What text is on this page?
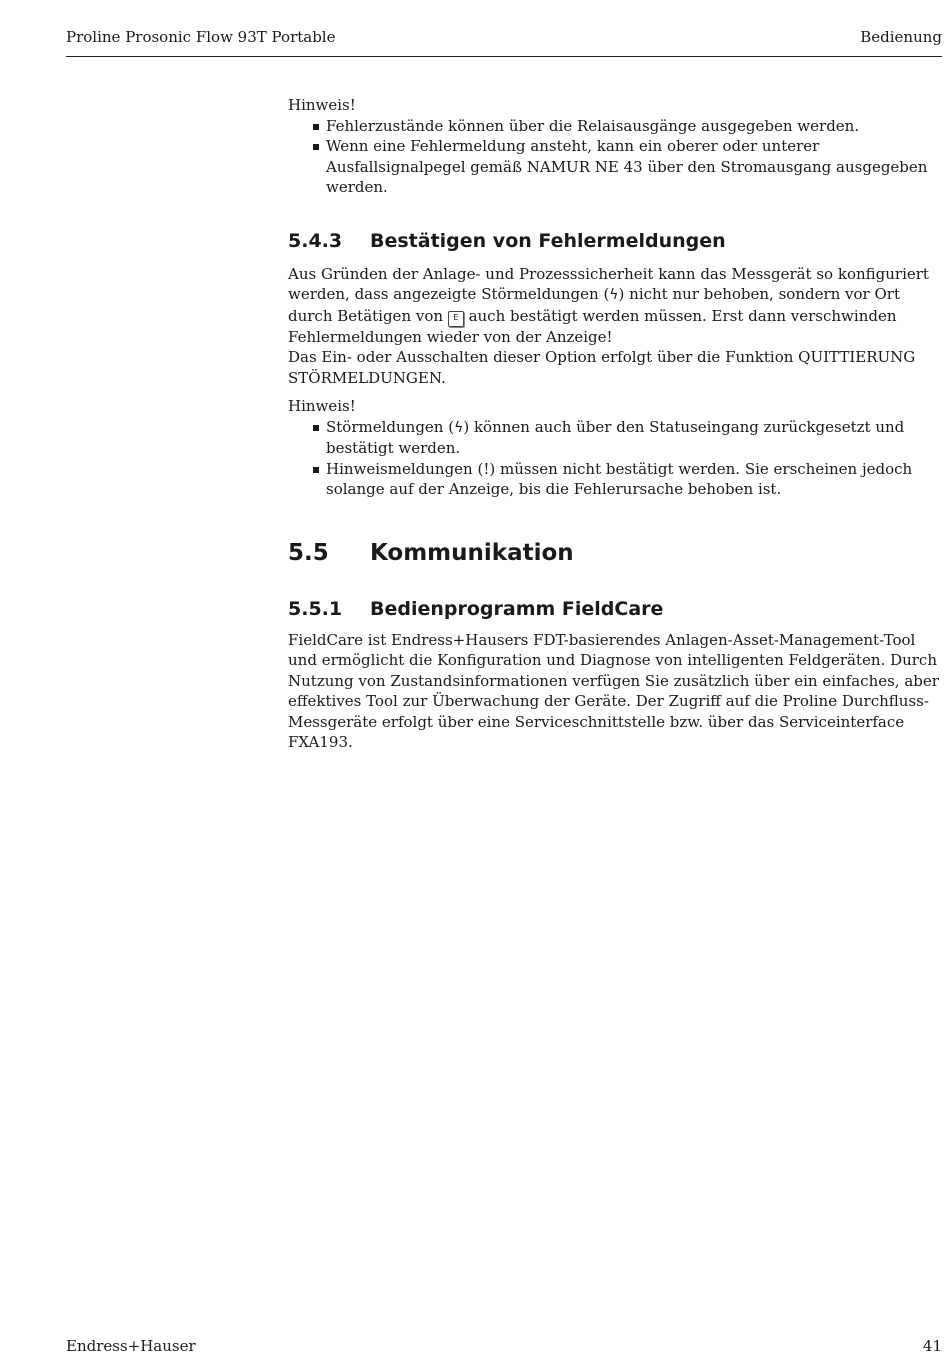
Proline Prosonic Flow 93T Portable	Bedienung

Hinweis!

Fehlerzustände können über die Relaisausgänge ausgegeben werden.
Wenn eine Fehlermeldung ansteht, kann ein oberer oder unterer Ausfallsignalpegel gemäß NAMUR NE 43 über den Stromausgang ausgegeben werden.
5.4.3 Bestätigen von Fehlermeldungen

Aus Gründen der Anlage- und Prozesssicherheit kann das Messgerät so konfiguriert werden, dass angezeigte Störmeldungen (ϟ) nicht nur behoben, sondern vor Ort durch Betätigen von E auch bestätigt werden müssen. Erst dann verschwinden Fehlermeldungen wieder von der Anzeige!

Das Ein- oder Ausschalten dieser Option erfolgt über die Funktion QUITTIERUNG STÖRMELDUNGEN.

Hinweis!

Störmeldungen (ϟ) können auch über den Statuseingang zurückgesetzt und bestätigt werden.
Hinweismeldungen (!) müssen nicht bestätigt werden. Sie erscheinen jedoch solange auf der Anzeige, bis die Fehlerursache behoben ist.
5.5 Kommunikation
5.5.1 Bedienprogramm FieldCare

FieldCare ist Endress+Hausers FDT-basierendes Anlagen-Asset-Management-Tool und ermöglicht die Konfiguration und Diagnose von intelligenten Feldgeräten. Durch Nutzung von Zustandsinformationen verfügen Sie zusätzlich über ein einfaches, aber effektives Tool zur Überwachung der Geräte. Der Zugriff auf die Proline Durchfluss-Messgeräte erfolgt über eine Serviceschnittstelle bzw. über das Serviceinterface FXA193.

Endress+Hauser	41
